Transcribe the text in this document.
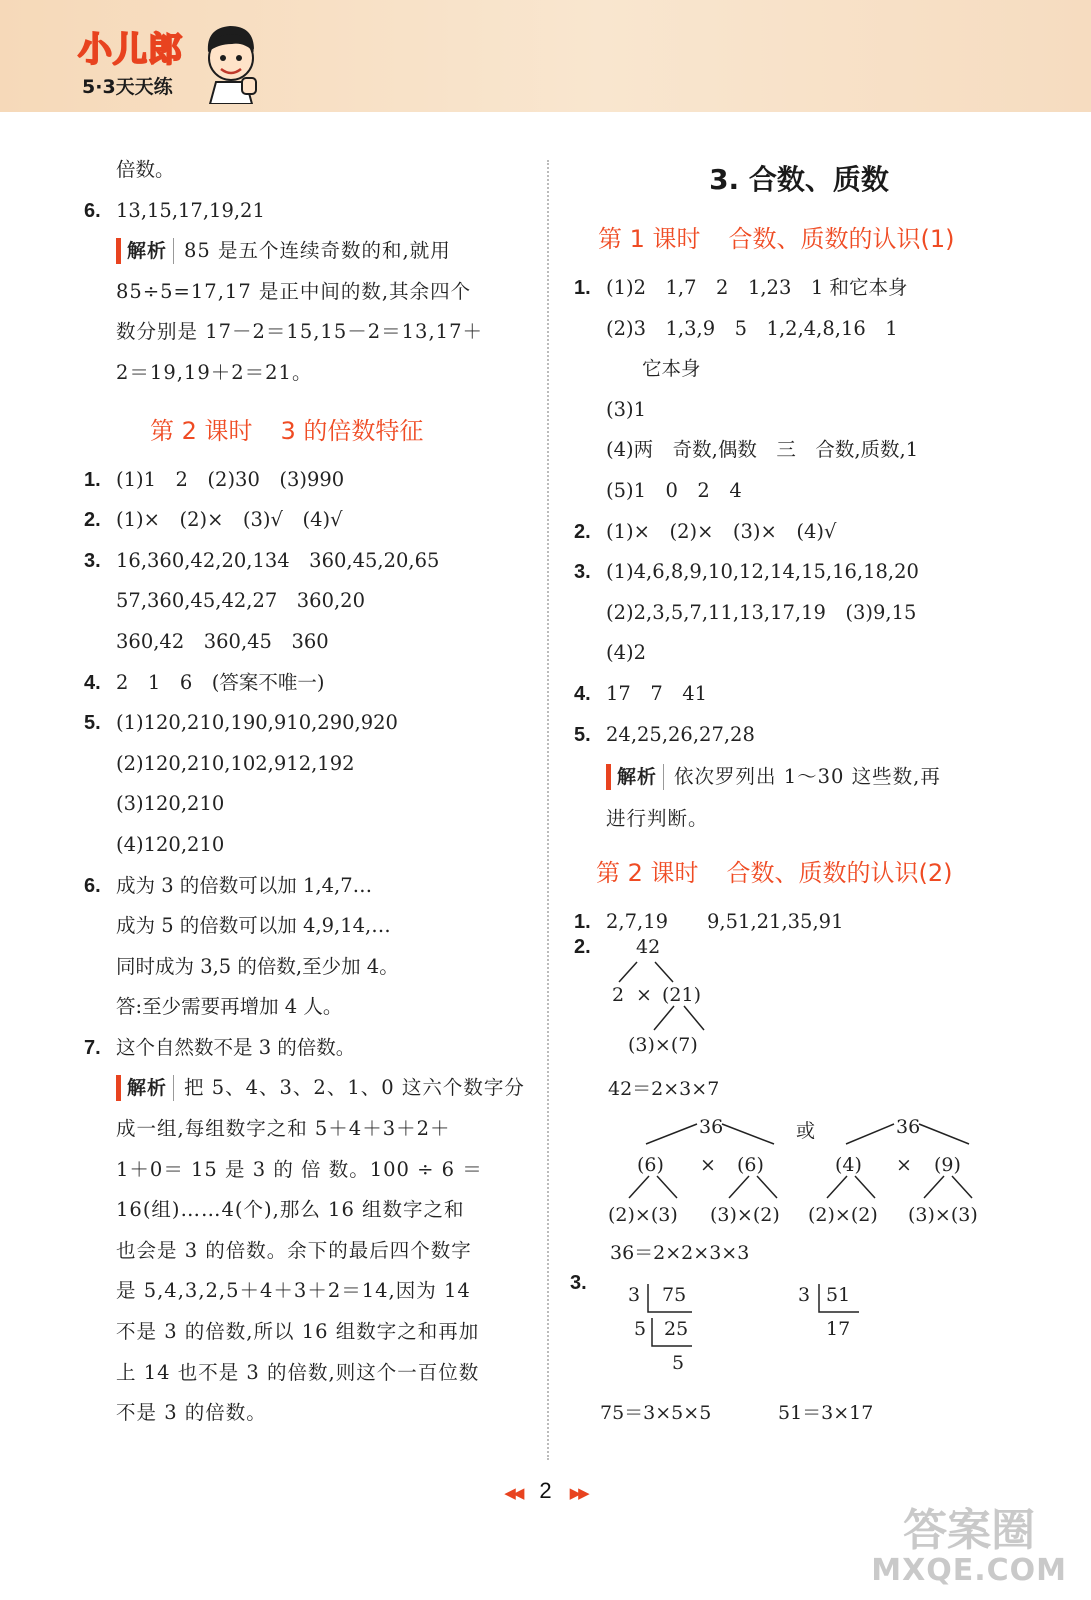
小儿郎
5·3天天练
倍数。
6. 13,15,17,19,21
解析 85 是五个连续奇数的和,就用
85÷5=17,17 是正中间的数,其余四个
数分别是 17－2＝15,15－2＝13,17＋
2＝19,19＋2＝21。
第 2 课时 3 的倍数特征
1. (1)1　2　(2)30　(3)990
2. (1)×　(2)×　(3)√　(4)√
3. 16,360,42,20,134　360,45,20,65
57,360,45,42,27　360,20
360,42　360,45　360
4. 2　1　6　(答案不唯一)
5. (1)120,210,190,910,290,920
(2)120,210,102,912,192
(3)120,210
(4)120,210
6. 成为 3 的倍数可以加 1,4,7…
成为 5 的倍数可以加 4,9,14,…
同时成为 3,5 的倍数,至少加 4。
答:至少需要再增加 4 人。
7. 这个自然数不是 3 的倍数。
解析 把 5、4、3、2、1、0 这六个数字分
成一组,每组数字之和 5＋4＋3＋2＋
1＋0＝ 15 是 3 的 倍 数。100 ÷ 6 ＝
16(组)……4(个),那么 16 组数字之和
也会是 3 的倍数。余下的最后四个数字
是 5,4,3,2,5＋4＋3＋2＝14,因为 14
不是 3 的倍数,所以 16 组数字之和再加
上 14 也不是 3 的倍数,则这个一百位数
不是 3 的倍数。
3. 合数、质数
第 1 课时 合数、质数的认识(1)
1. (1)2　1,7　2　1,23　1 和它本身
(2)3　1,3,9　5　1,2,4,8,16　1
它本身
(3)1
(4)两　奇数,偶数　三　合数,质数,1
(5)1　0　2　4
2. (1)×　(2)×　(3)×　(4)√
3. (1)4,6,8,9,10,12,14,15,16,18,20
(2)2,3,5,7,11,13,17,19　(3)9,15
(4)2
4. 17　7　41
5. 24,25,26,27,28
解析 依次罗列出 1～30 这些数,再
进行判断。
第 2 课时 合数、质数的认识(2)
1. 2,7,19　　9,51,21,35,91
2.	42
2 × (21)
(3)×(7)
42＝2×3×7
36	或	36
(6) × (6)	(4) × (9)
(2)×(3) (3)×(2) (2)×(2) (3)×(3)
36＝2×2×3×3
3.
3 75
5 25
5
3 51
17
75＝3×5×5	51＝3×17
◀◀ 2 ▶▶
答案圈
MXQE.COM
